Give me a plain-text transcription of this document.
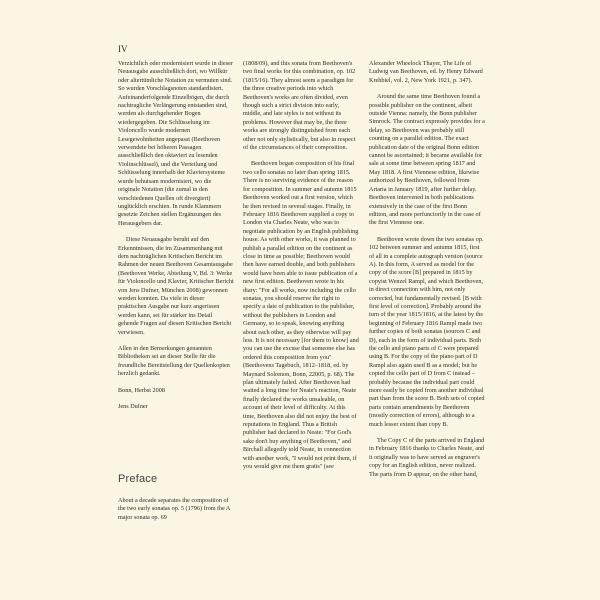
IV

Verzichtlich oder modernisiert wurde in dieser Neuausgabe ausschließlich dort, wo Willkür oder altertümliche Notation zu vermuten sind. So wurden Vorschlagsnoten standardisiert. Aufeinanderfolgende Einzelbögen, die durch nachtragliche Verlängerung entstanden sind, werden als durchgehender Bogen wiedergegeben. Die Schlüsselung im Violoncello wurde modernen Lesegewohnheiten angepasst (Beethoven verwendete bei höheren Passagen ausschließlich den oktaviert zu lesenden Violinschlüssel), und die Verteilung und Schlüsselung innerhalb der Klaviersysteme wurde behutsam modernisiert, wo die originale Notation (die zumal in den verschiedenen Quellen oft divergiert) unglücklich erschien. In runde Klammern gesetzte Zeichen stellen Ergänzungen des Herausgebers dar.

Diese Neuausgabe beruht auf den Erkenntnissen, die im Zusammenhang mit dem nachträglichen Kritischen Bericht im Rahmen der neuen Beethoven Gesamtausgabe (Beethoven Werke, Abteilung V, Bd. 3: Werke für Violoncello und Klavier, Kritischer Bericht von Jens Dufner, München 2008) gewonnen werden konnten. Da viele in dieser praktischen Ausgabe nur kurz angerissen werden kann, sei für stärker ins Detail gehende Fragen auf diesen Kritischen Bericht verwiesen.

Allen in den Bemerkungen genannten Bibliotheken sei an dieser Stelle für die freundliche Bereitstellung der Quellenkopien herzlich gedankt.

Bonn, Herbst 2008

Jens Dufner

Preface

About a decade separates the composition of the two early sonatas op. 5 (1796) from the A major sonata op. 69

(1808/09), and this sonata from Beethoven's two final works for this combination, op. 102 (1815/16). They almost seem a paradigm for the three creative periods into which Beethoven's works are often divided, even though such a strict division into early, middle, and late styles is not without its problems. However that may be, the three works are strongly distinguished from each other not only stylistically, but also in respect of the circumstances of their composition.

Beethoven began composition of his final two cello sonatas no later than spring 1815. There is no surviving evidence of the reason for composition. In summer and autumn 1815 Beethoven worked out a first version, which he then revised in several stages. Finally, in February 1816 Beethoven supplied a copy to London via Charles Neate, who was to negotiate publication by an English publishing house. As with other works, it was planned to publish a parallel edition on the continent as close in time as possible; Beethoven would then have earned double, and both publishers would have been able to issue publication of a new first edition. Beethoven wrote in his diary: "For all works, now including the cello sonatas, you should reserve the right to specify a date of publication to the publisher, without the publishers in London and Germany, so to speak, knowing anything about each other, as they otherwise will pay less. It is not necessary [for them to know] and you can use the excuse that someone else has ordered this composition from you" (Beethovens Tagebuch, 1812–1818, ed. by Maynard Solomon, Bonn, 22005, p. 68). The plan ultimately failed. After Beethoven had waited a long time for Neate's reaction, Neate finally declared the works unsaleable, on account of their level of difficulty. At this time, Beethoven also did not enjoy the best of reputations in England. Thus a British publisher had declared to Neate: "For God's sake don't buy anything of Beethoven," and Birchall allegedly told Neate, in connection with another work, "I would not print them, if you would give me them gratis" (see

Alexander Wheelock Thayer, The Life of Ludwig van Beethoven, ed. by Henry Edward Krehbiel, vol. 2, New York 1921, p. 347).

Around the same time Beethoven found a possible publisher on the continent, albeit outside Vienna: namely, the Bonn publisher Simrock. The contract expressly provides for a delay, so Beethoven was probably still counting on a parallel edition. The exact publication date of the original Bonn edition cannot be ascertained; it became available for sale at some time between spring 1817 and May 1818. A first Viennese edition, likewise authorized by Beethoven, followed from Artaria in January 1819, after further delay. Beethoven intervened in both publications extensively in the case of the first Bonn edition, and more perfunctorily in the case of the first Viennese one.

Beethoven wrote down the two sonatas op. 102 between summer and autumn 1815, first of all in a complete autograph version (source A). In this form, A served as model for the copy of the score [B] prepared in 1815 by copyist Wenzel Rampl, and which Beethoven, in direct connection with him, not only corrected, but fundamentally revised. [B with first level of correction]. Probably around the turn of the year 1815/1816, at the latest by the beginning of February 1816 Rampl made two further copies of both sonatas (sources C and D), each in the form of individual parts. Both the cello and piano parts of C were prepared using B. For the copy of the piano part of D Rampl also again used B as a model; but he copied the cello part of D from C instead – probably because the individual part could more easily be copied from another individual part than from the score B. Both sets of copied parts contain amendments by Beethoven (mostly correction of errors), although to a much lesser extent than copy B.

The Copy C of the parts arrived in England in February 1816 thanks to Charles Neate, and it originally was to have served as engraver's copy for an English edition, never realized. The parts from D appear, on the other hand,
